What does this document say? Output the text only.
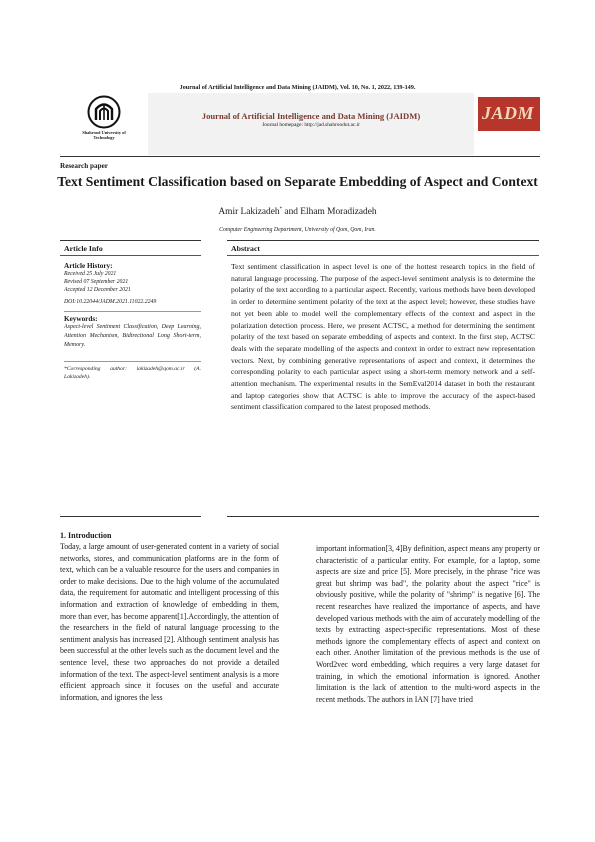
Journal of Artificial Intelligence and Data Mining (JAIDM), Vol. 10, No. 1, 2022, 139-149.
Shahrood University of
Technology
Journal of Artificial Intelligence and Data Mining (JAIDM)
Journal homepage: http://jad.shahroodut.ac.ir
JADM
Research paper
Text Sentiment Classification based on Separate Embedding of Aspect and Context
Amir Lakizadeh* and Elham Moradizadeh
Computer Engineering Department, University of Qom, Qom, Iran.
Article Info
Article History:
Received 25 July 2021
Revised 07 September 2021
Accepted 12 December 2021
DOI:10.22044/JADM.2021.11022.2249
Keywords:
Aspect-level Sentiment Classification, Deep Learning, Attention Mechanism, Bidirectional Long Short-term, Memory.
*Corresponding author: lakizadeh@qom.ac.ir (A. Lakizadeh).
Abstract
Text sentiment classification in aspect level is one of the hottest research topics in the field of natural language processing. The purpose of the aspect-level sentiment analysis is to determine the polarity of the text according to a particular aspect. Recently, various methods have been developed in order to determine sentiment polarity of the text at the aspect level; however, these studies have not yet been able to model well the complementary effects of the context and aspect in the polarization detection process. Here, we present ACTSC, a method for determining the sentiment polarity of the text based on separate embedding of aspects and context. In the first step, ACTSC deals with the separate modelling of the aspects and context in order to extract new representation vectors. Next, by combining generative representations of aspect and context, it determines the corresponding polarity to each particular aspect using a short-term memory network and a self-attention mechanism. The experimental results in the SemEval2014 dataset in both the restaurant and laptop categories show that ACTSC is able to improve the accuracy of the aspect-based sentiment classification compared to the latest proposed methods.
1. Introduction
Today, a large amount of user-generated content in a variety of social networks, stores, and communication platforms are in the form of text, which can be a valuable resource for the users and companies in order to make decisions. Due to the high volume of the accumulated data, the requirement for automatic and intelligent processing of this information and extraction of knowledge of embedding in them, more than ever, has become apparent[1].Accordingly, the attention of the researchers in the field of natural language processing to the sentiment analysis has increased [2]. Although sentiment analysis has been successful at the other levels such as the document level and the sentence level, these two approaches do not provide a detailed information of the text. The aspect-level sentiment analysis is a more efficient approach since it focuses on the useful and accurate information, and ignores the less
important information[3, 4]By definition, aspect means any property or characteristic of a particular entity. For example, for a laptop, some aspects are size and price [5]. More precisely, in the phrase "rice was great but shrimp was bad", the polarity about the aspect "rice" is obviously positive, while the polarity of "shrimp" is negative [6]. The recent researches have realized the importance of aspects, and have developed various methods with the aim of accurately modelling of the texts by extracting aspect-specific representations. Most of these methods ignore the complementary effects of aspect and context on each other. Another limitation of the previous methods is the use of Word2vec word embedding, which requires a very large dataset for training, in which the emotional information is ignored. Another limitation is the lack of attention to the multi-word aspects in the recent methods. The authors in IAN [7] have tried
